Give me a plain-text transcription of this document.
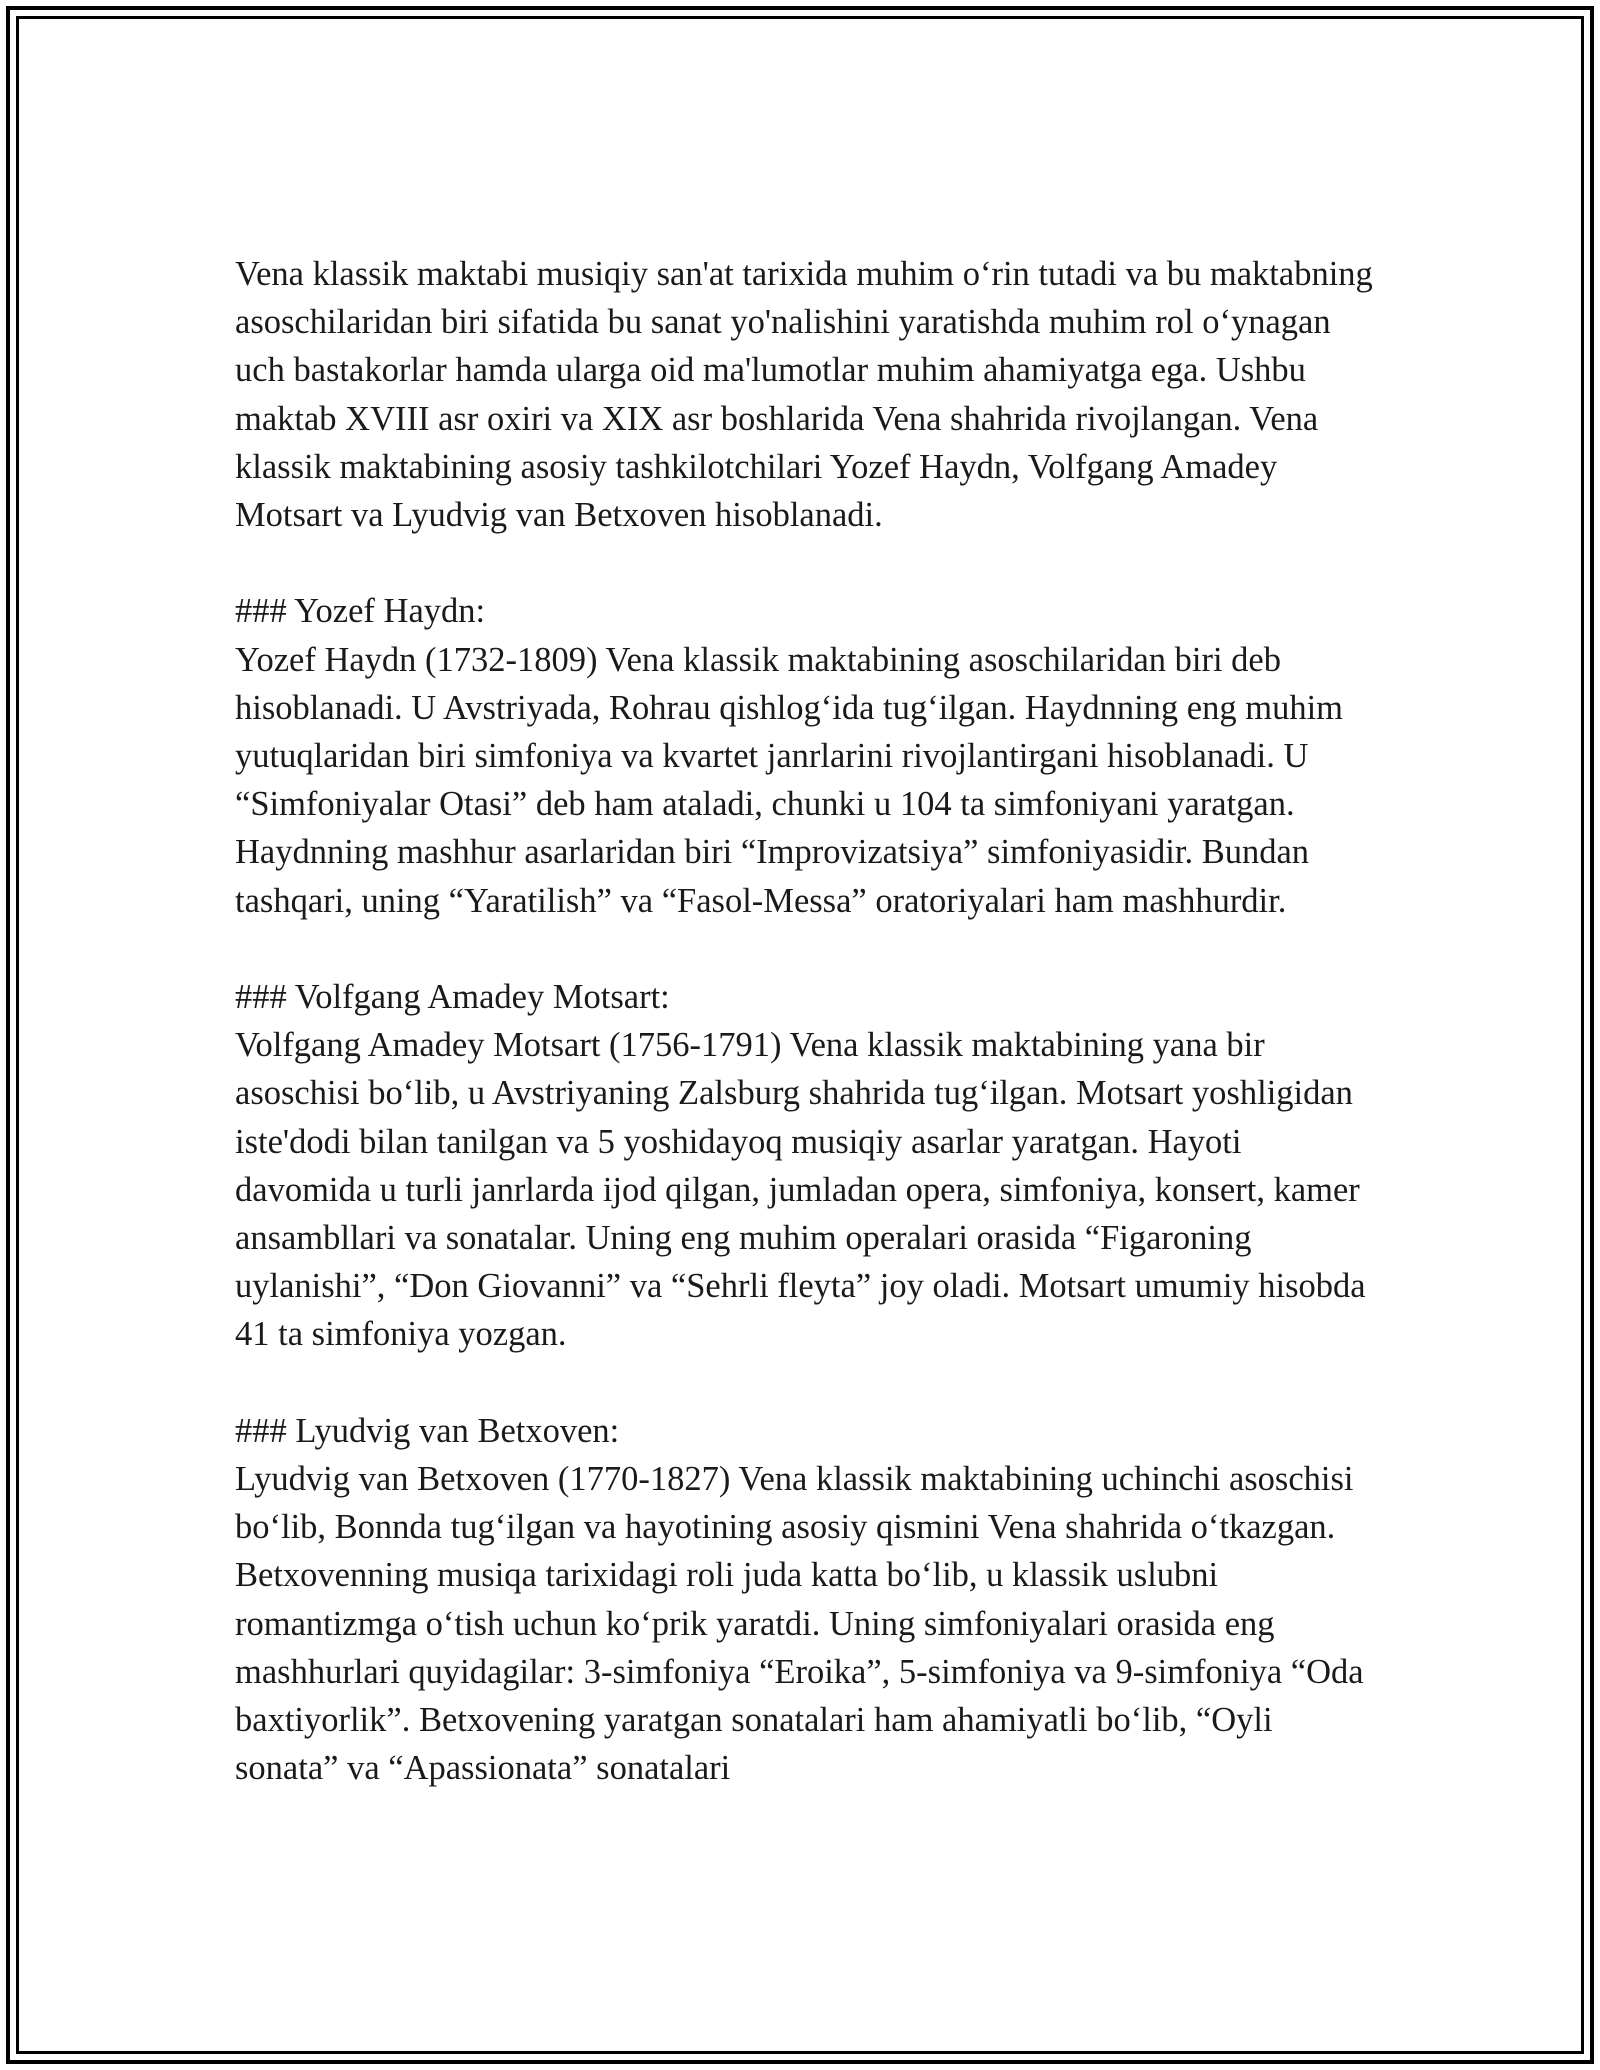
Vena klassik maktabi musiqiy san'at tarixida muhim o‘rin tutadi va bu maktabning asoschilaridan biri sifatida bu sanat yo'nalishini yaratishda muhim rol o‘ynagan uch bastakorlar hamda ularga oid ma'lumotlar muhim ahamiyatga ega. Ushbu maktab XVIII asr oxiri va XIX asr boshlarida Vena shahrida rivojlangan. Vena klassik maktabining asosiy tashkilotchilari Yozef Haydn, Volfgang Amadey Motsart va Lyudvig van Betxoven hisoblanadi.

### Yozef Haydn:

Yozef Haydn (1732-1809) Vena klassik maktabining asoschilaridan biri deb hisoblanadi. U Avstriyada, Rohrau qishlog‘ida tug‘ilgan. Haydnning eng muhim yutuqlaridan biri simfoniya va kvartet janrlarini rivojlantirgani hisoblanadi. U “Simfoniyalar Otasi” deb ham ataladi, chunki u 104 ta simfoniyani yaratgan. Haydnning mashhur asarlaridan biri “Improvizatsiya” simfoniyasidir. Bundan tashqari, uning “Yaratilish” va “Fasol-Messa” oratoriyalari ham mashhurdir.

### Volfgang Amadey Motsart:

Volfgang Amadey Motsart (1756-1791) Vena klassik maktabining yana bir asoschisi bo‘lib, u Avstriyaning Zalsburg shahrida tug‘ilgan. Motsart yoshligidan iste'dodi bilan tanilgan va 5 yoshidayoq musiqiy asarlar yaratgan. Hayoti davomida u turli janrlarda ijod qilgan, jumladan opera, simfoniya, konsert, kamer ansambllari va sonatalar. Uning eng muhim operalari orasida “Figaroning uylanishi”, “Don Giovanni” va “Sehrli fleyta” joy oladi. Motsart umumiy hisobda 41 ta simfoniya yozgan.

### Lyudvig van Betxoven:

Lyudvig van Betxoven (1770-1827) Vena klassik maktabining uchinchi asoschisi bo‘lib, Bonnda tug‘ilgan va hayotining asosiy qismini Vena shahrida o‘tkazgan. Betxovenning musiqa tarixidagi roli juda katta bo‘lib, u klassik uslubni romantizmga o‘tish uchun ko‘prik yaratdi. Uning simfoniyalari orasida eng mashhurlari quyidagilar: 3-simfoniya “Eroika”, 5-simfoniya va 9-simfoniya “Oda baxtiyorlik”. Betxovening yaratgan sonatalari ham ahamiyatli bo‘lib, “Oyli sonata” va “Apassionata” sonatalari
